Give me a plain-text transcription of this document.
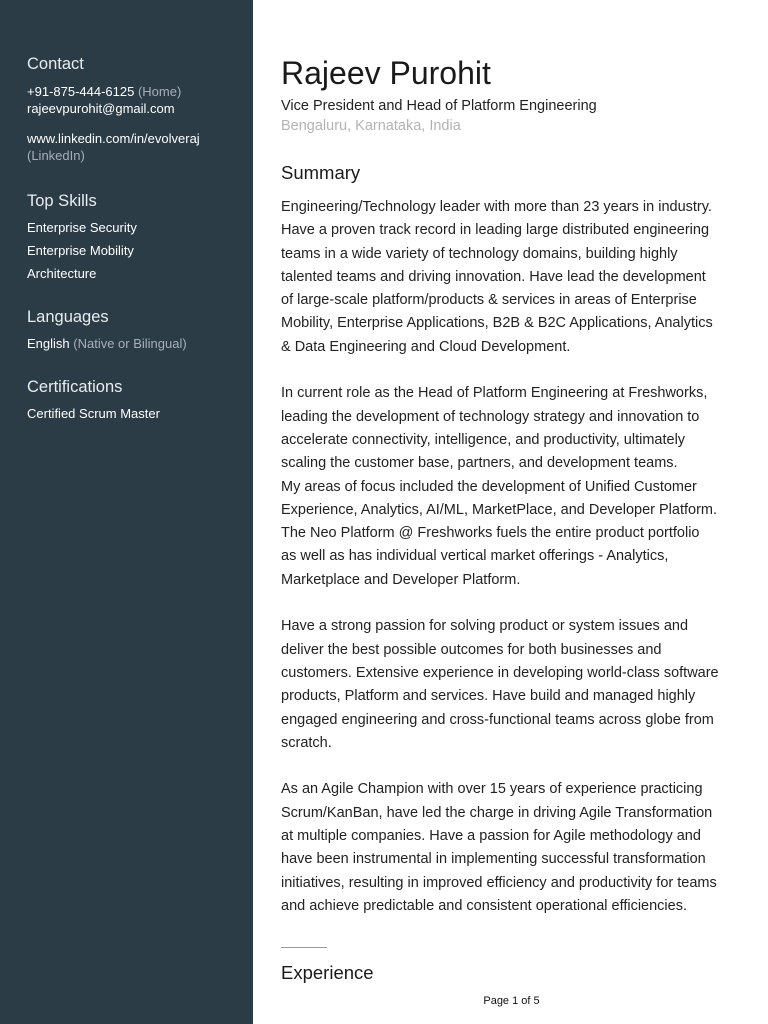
Contact
+91-875-444-6125 (Home)
rajeevpurohit@gmail.com
www.linkedin.com/in/evolveraj
(LinkedIn)
Top Skills
Enterprise Security
Enterprise Mobility
Architecture
Languages
English (Native or Bilingual)
Certifications
Certified Scrum Master
Rajeev Purohit
Vice President and Head of Platform Engineering
Bengaluru, Karnataka, India
Summary

Engineering/Technology leader with more than 23 years in industry.
Have a proven track record in leading large distributed engineering
teams in a wide variety of technology domains, building highly
talented teams and driving innovation. Have lead the development
of large-scale platform/products & services in areas of Enterprise
Mobility, Enterprise Applications, B2B & B2C Applications, Analytics
& Data Engineering and Cloud Development.

In current role as the Head of Platform Engineering at Freshworks,
leading the development of technology strategy and innovation to
accelerate connectivity, intelligence, and productivity, ultimately
scaling the customer base, partners, and development teams.
My areas of focus included the development of Unified Customer
Experience, Analytics, AI/ML, MarketPlace, and Developer Platform.
The Neo Platform @ Freshworks fuels the entire product portfolio
as well as has individual vertical market offerings - Analytics,
Marketplace and Developer Platform.

Have a strong passion for solving product or system issues and
deliver the best possible outcomes for both businesses and
customers. Extensive experience in developing world-class software
products, Platform and services. Have build and managed highly
engaged engineering and cross-functional teams across globe from
scratch.

As an Agile Champion with over 15 years of experience practicing
Scrum/KanBan, have led the charge in driving Agile Transformation
at multiple companies. Have a passion for Agile methodology and
have been instrumental in implementing successful transformation
initiatives, resulting in improved efficiency and productivity for teams
and achieve predictable and consistent operational efficiencies.

Experience
Page 1 of 5
